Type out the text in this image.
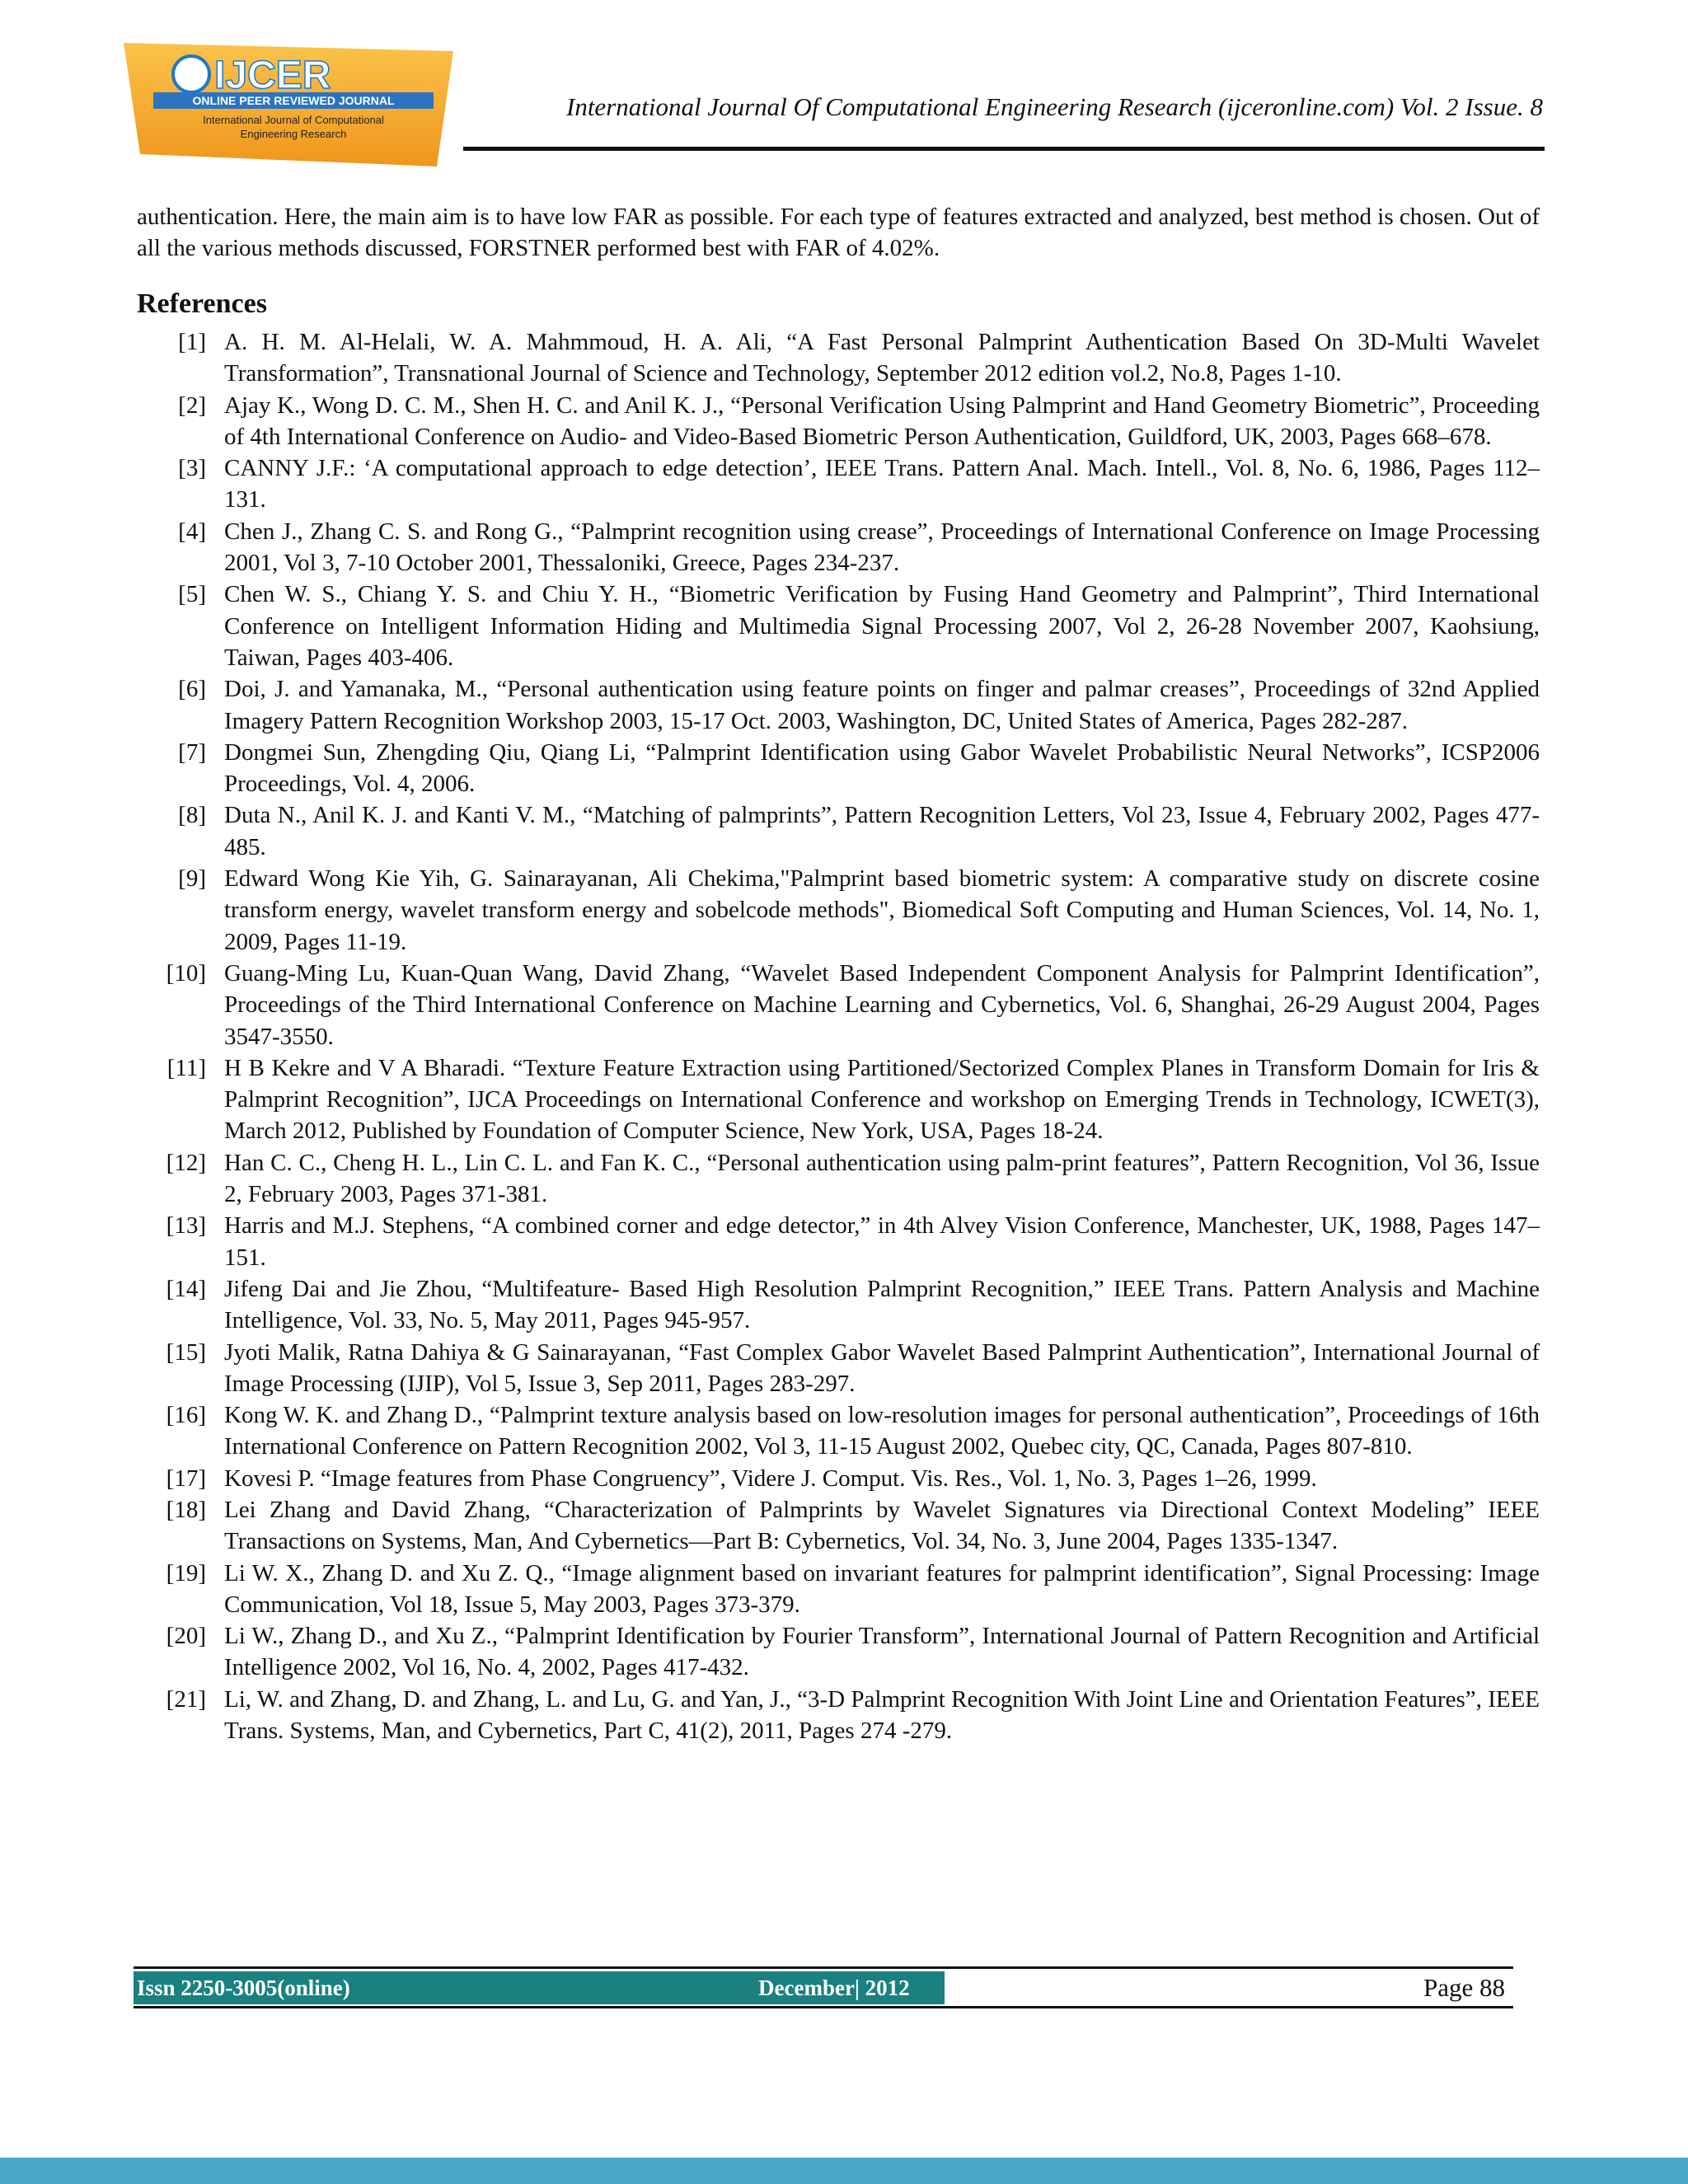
IJCER
ONLINE PEER REVIEWED JOURNAL
International Journal of Computational
Engineering Research
International Journal Of Computational Engineering Research (ijceronline.com) Vol. 2 Issue. 8

authentication. Here, the main aim is to have low FAR as possible. For each type of features extracted and analyzed, best method is chosen. Out of all the various methods discussed, FORSTNER performed best with FAR of 4.02%.

References
[1] A. H. M. Al-Helali, W. A. Mahmmoud, H. A. Ali, “A Fast Personal Palmprint Authentication Based On 3D-Multi Wavelet Transformation”, Transnational Journal of Science and Technology, September 2012 edition vol.2, No.8, Pages 1-10.
[2] Ajay K., Wong D. C. M., Shen H. C. and Anil K. J., “Personal Verification Using Palmprint and Hand Geometry Biometric”, Proceeding of 4th International Conference on Audio- and Video-Based Biometric Person Authentication, Guildford, UK, 2003, Pages 668–678.
[3] CANNY J.F.: ‘A computational approach to edge detection’, IEEE Trans. Pattern Anal. Mach. Intell., Vol. 8, No. 6, 1986, Pages 112–131.
[4] Chen J., Zhang C. S. and Rong G., “Palmprint recognition using crease”, Proceedings of International Conference on Image Processing 2001, Vol 3, 7-10 October 2001, Thessaloniki, Greece, Pages 234-237.
[5] Chen W. S., Chiang Y. S. and Chiu Y. H., “Biometric Verification by Fusing Hand Geometry and Palmprint”, Third International Conference on Intelligent Information Hiding and Multimedia Signal Processing 2007, Vol 2, 26-28 November 2007, Kaohsiung, Taiwan, Pages 403-406.
[6] Doi, J. and Yamanaka, M., “Personal authentication using feature points on finger and palmar creases”, Proceedings of 32nd Applied Imagery Pattern Recognition Workshop 2003, 15-17 Oct. 2003, Washington, DC, United States of America, Pages 282-287.
[7] Dongmei Sun, Zhengding Qiu, Qiang Li, “Palmprint Identification using Gabor Wavelet Probabilistic Neural Networks”, ICSP2006 Proceedings, Vol. 4, 2006.
[8] Duta N., Anil K. J. and Kanti V. M., “Matching of palmprints”, Pattern Recognition Letters, Vol 23, Issue 4, February 2002, Pages 477-485.
[9] Edward Wong Kie Yih, G. Sainarayanan, Ali Chekima,"Palmprint based biometric system: A comparative study on discrete cosine transform energy, wavelet transform energy and sobelcode methods", Biomedical Soft Computing and Human Sciences, Vol. 14, No. 1, 2009, Pages 11-19.
[10] Guang-Ming Lu, Kuan-Quan Wang, David Zhang, “Wavelet Based Independent Component Analysis for Palmprint Identification”, Proceedings of the Third International Conference on Machine Learning and Cybernetics, Vol. 6, Shanghai, 26-29 August 2004, Pages 3547-3550.
[11] H B Kekre and V A Bharadi. “Texture Feature Extraction using Partitioned/Sectorized Complex Planes in Transform Domain for Iris & Palmprint Recognition”, IJCA Proceedings on International Conference and workshop on Emerging Trends in Technology, ICWET(3), March 2012, Published by Foundation of Computer Science, New York, USA, Pages 18-24.
[12] Han C. C., Cheng H. L., Lin C. L. and Fan K. C., “Personal authentication using palm-print features”, Pattern Recognition, Vol 36, Issue 2, February 2003, Pages 371-381.
[13] Harris and M.J. Stephens, “A combined corner and edge detector,” in 4th Alvey Vision Conference, Manchester, UK, 1988, Pages 147–151.
[14] Jifeng Dai and Jie Zhou, “Multifeature- Based High Resolution Palmprint Recognition,” IEEE Trans. Pattern Analysis and Machine Intelligence, Vol. 33, No. 5, May 2011, Pages 945-957.
[15] Jyoti Malik, Ratna Dahiya & G Sainarayanan, “Fast Complex Gabor Wavelet Based Palmprint Authentication”, International Journal of Image Processing (IJIP), Vol 5, Issue 3, Sep 2011, Pages 283-297.
[16] Kong W. K. and Zhang D., “Palmprint texture analysis based on low-resolution images for personal authentication”, Proceedings of 16th International Conference on Pattern Recognition 2002, Vol 3, 11-15 August 2002, Quebec city, QC, Canada, Pages 807-810.
[17] Kovesi P. “Image features from Phase Congruency”, Videre J. Comput. Vis. Res., Vol. 1, No. 3, Pages 1–26, 1999.
[18] Lei Zhang and David Zhang, “Characterization of Palmprints by Wavelet Signatures via Directional Context Modeling” IEEE Transactions on Systems, Man, And Cybernetics—Part B: Cybernetics, Vol. 34, No. 3, June 2004, Pages 1335-1347.
[19] Li W. X., Zhang D. and Xu Z. Q., “Image alignment based on invariant features for palmprint identification”, Signal Processing: Image Communication, Vol 18, Issue 5, May 2003, Pages 373-379.
[20] Li W., Zhang D., and Xu Z., “Palmprint Identification by Fourier Transform”, International Journal of Pattern Recognition and Artificial Intelligence 2002, Vol 16, No. 4, 2002, Pages 417-432.
[21] Li, W. and Zhang, D. and Zhang, L. and Lu, G. and Yan, J., “3-D Palmprint Recognition With Joint Line and Orientation Features”, IEEE Trans. Systems, Man, and Cybernetics, Part C, 41(2), 2011, Pages 274 -279.
Issn 2250-3005(online)	December| 2012	Page 88
